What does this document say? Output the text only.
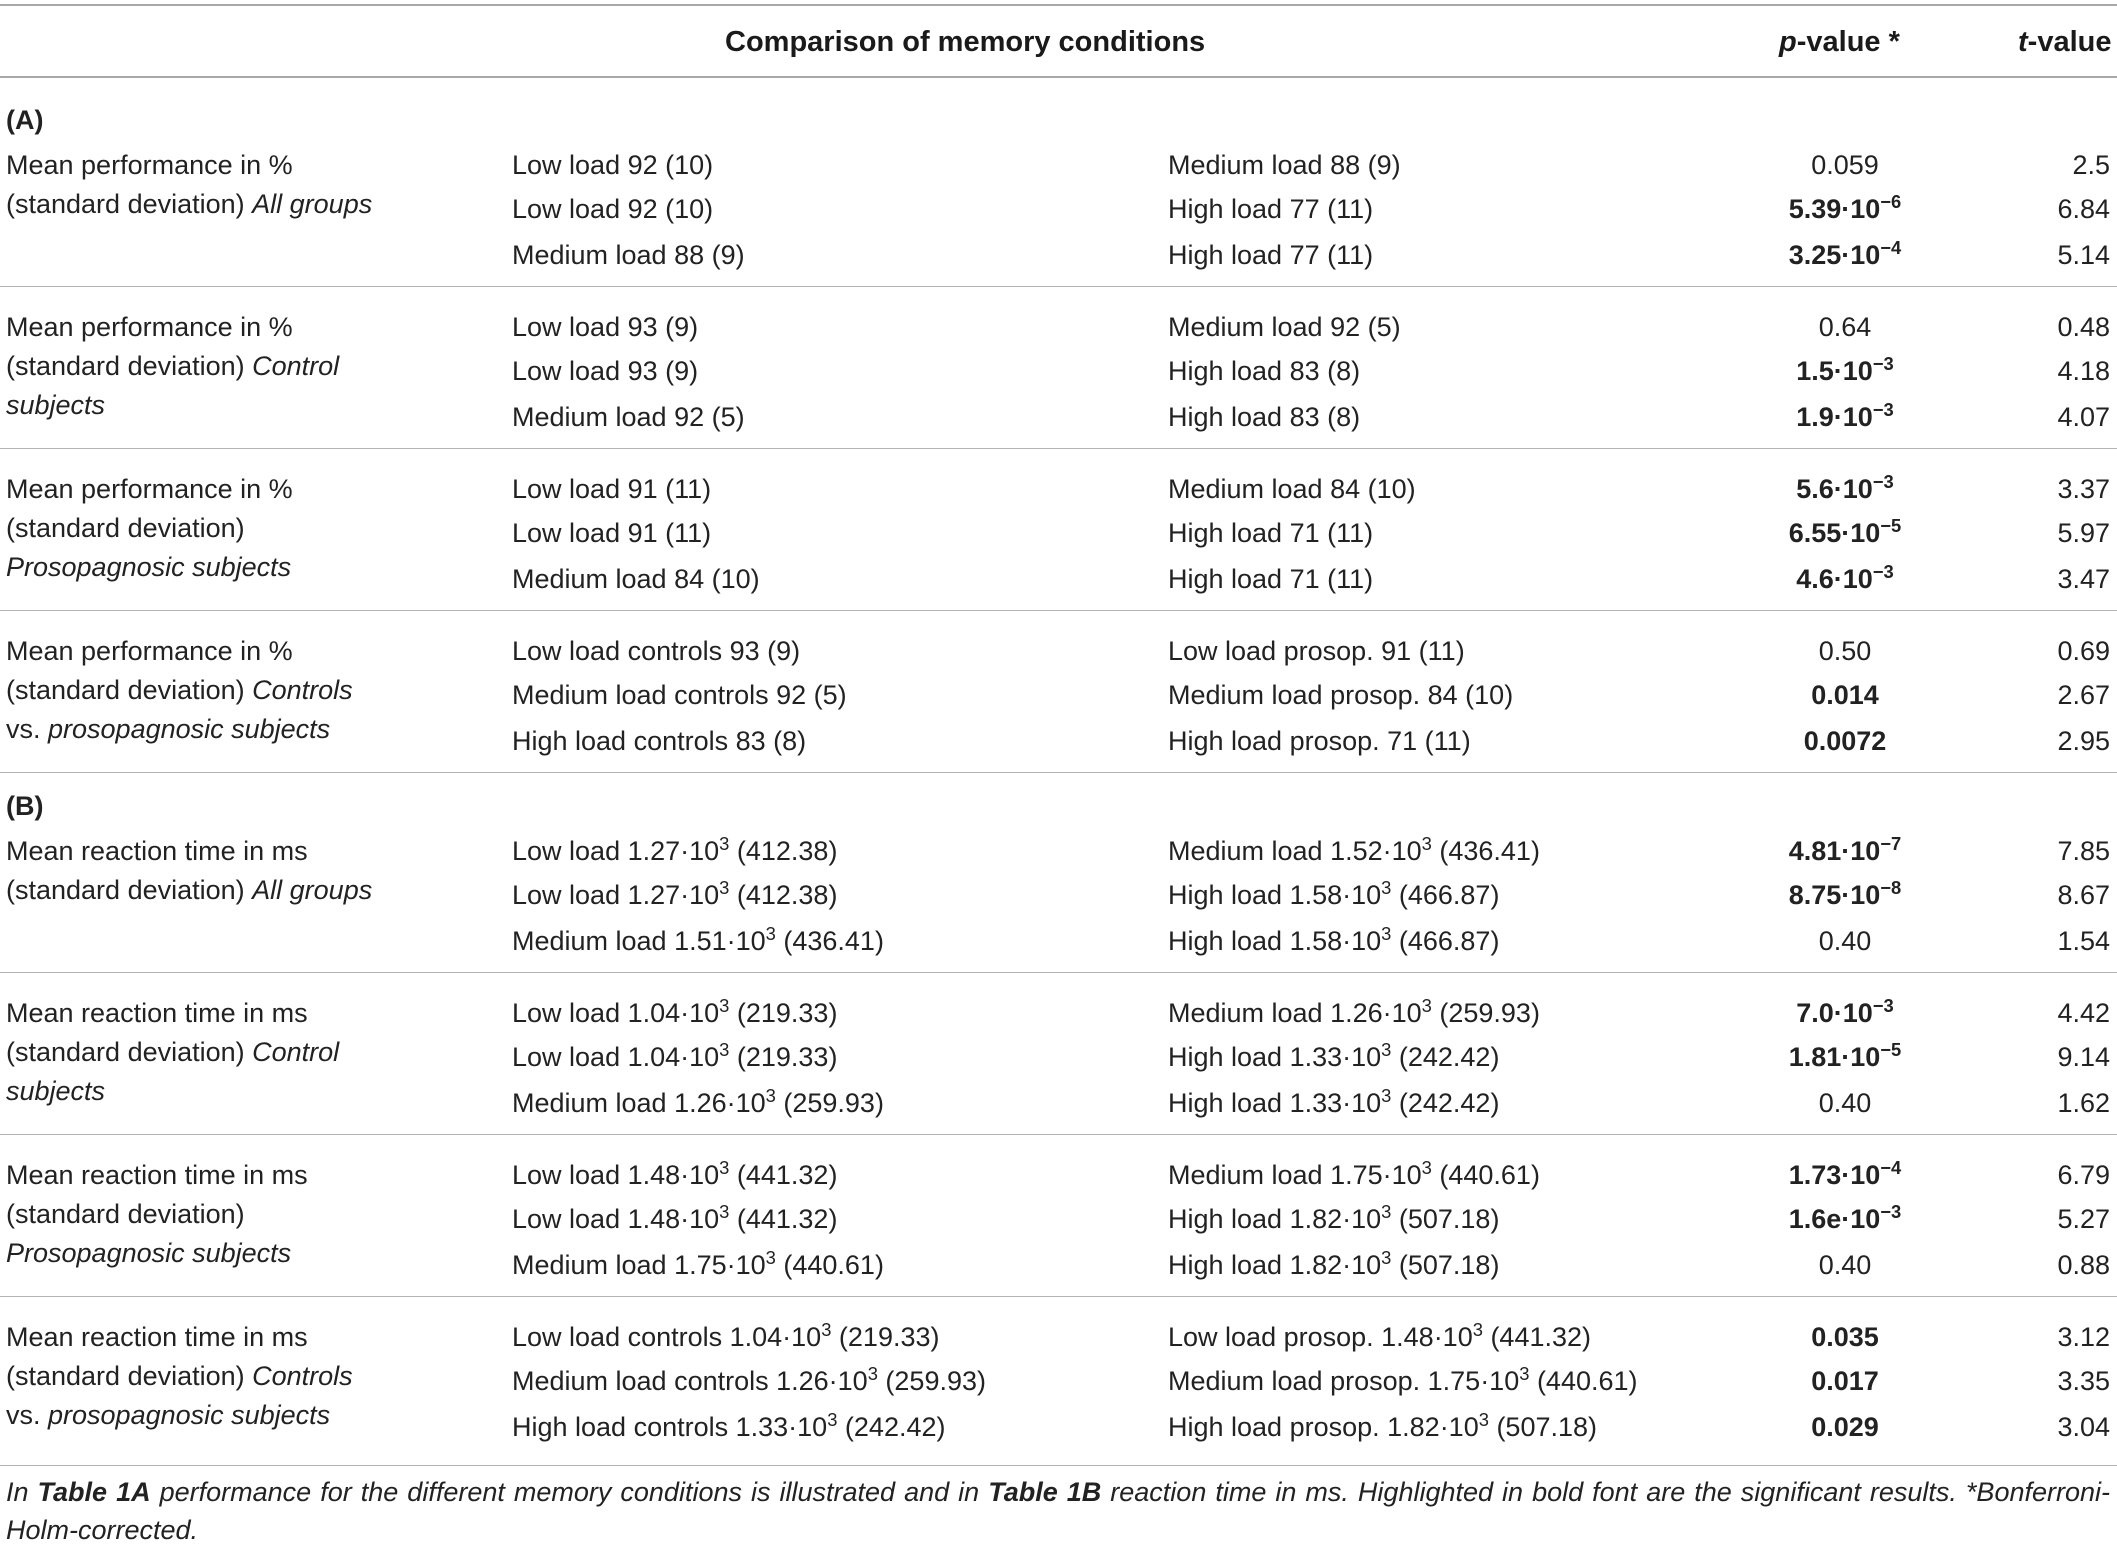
Comparison of memory conditions	p-value *	t-value
(A)
Mean performance in %
(standard deviation) All groups
Low load 92 (10)	Medium load 88 (9)	0.059	2.5
Low load 92 (10)	High load 77 (11)	$5.39\cdot 10^{-6}$	6.84
Medium load 88 (9)	High load 77 (11)	$3.25\cdot 10^{-4}$	5.14
Mean performance in %
(standard deviation) Control
subjects
Low load 93 (9)	Medium load 92 (5)	0.64	0.48
Low load 93 (9)	High load 83 (8)	$1.5\cdot 10^{-3}$	4.18
Medium load 92 (5)	High load 83 (8)	$1.9\cdot 10^{-3}$	4.07
Mean performance in %
(standard deviation)
Prosopagnosic subjects
Low load 91 (11)	Medium load 84 (10)	$5.6\cdot 10^{-3}$	3.37
Low load 91 (11)	High load 71 (11)	$6.55\cdot 10^{-5}$	5.97
Medium load 84 (10)	High load 71 (11)	$4.6\cdot 10^{-3}$	3.47
Mean performance in %
(standard deviation) Controls
vs. prosopagnosic subjects
Low load controls 93 (9)	Low load prosop. 91 (11)	0.50	0.69
Medium load controls 92 (5)	Medium load prosop. 84 (10)	0.014	2.67
High load controls 83 (8)	High load prosop. 71 (11)	0.0072	2.95
(B)
Mean reaction time in ms
(standard deviation) All groups
Low load $1.27\cdot 10^3$ (412.38)	Medium load $1.52\cdot 10^3$ (436.41)	$4.81\cdot 10^{-7}$	7.85
Low load $1.27\cdot 10^3$ (412.38)	High load $1.58\cdot 10^3$ (466.87)	$8.75\cdot 10^{-8}$	8.67
Medium load $1.51\cdot 10^3$ (436.41)	High load $1.58\cdot 10^3$ (466.87)	0.40	1.54
Mean reaction time in ms
(standard deviation) Control
subjects
Low load $1.04\cdot 10^3$ (219.33)	Medium load $1.26\cdot 10^3$ (259.93)	$7.0\cdot 10^{-3}$	4.42
Low load $1.04\cdot 10^3$ (219.33)	High load $1.33\cdot 10^3$ (242.42)	$1.81\cdot 10^{-5}$	9.14
Medium load $1.26\cdot 10^3$ (259.93)	High load $1.33\cdot 10^3$ (242.42)	0.40	1.62
Mean reaction time in ms
(standard deviation)
Prosopagnosic subjects
Low load $1.48\cdot 10^3$ (441.32)	Medium load $1.75\cdot 10^3$ (440.61)	$1.73\cdot 10^{-4}$	6.79
Low load $1.48\cdot 10^3$ (441.32)	High load $1.82\cdot 10^3$ (507.18)	$1.6e\cdot 10^{-3}$	5.27
Medium load $1.75\cdot 10^3$ (440.61)	High load $1.82\cdot 10^3$ (507.18)	0.40	0.88
Mean reaction time in ms
(standard deviation) Controls
vs. prosopagnosic subjects
Low load controls $1.04\cdot 10^3$ (219.33)	Low load prosop. $1.48\cdot 10^3$ (441.32)	0.035	3.12
Medium load controls $1.26\cdot 10^3$ (259.93)	Medium load prosop. $1.75\cdot 10^3$ (440.61)	0.017	3.35
High load controls $1.33\cdot 10^3$ (242.42)	High load prosop. $1.82\cdot 10^3$ (507.18)	0.029	3.04
In Table 1A performance for the different memory conditions is illustrated and in Table 1B reaction time in ms. Highlighted in bold font are the significant results. *Bonferroni-Holm-corrected.
